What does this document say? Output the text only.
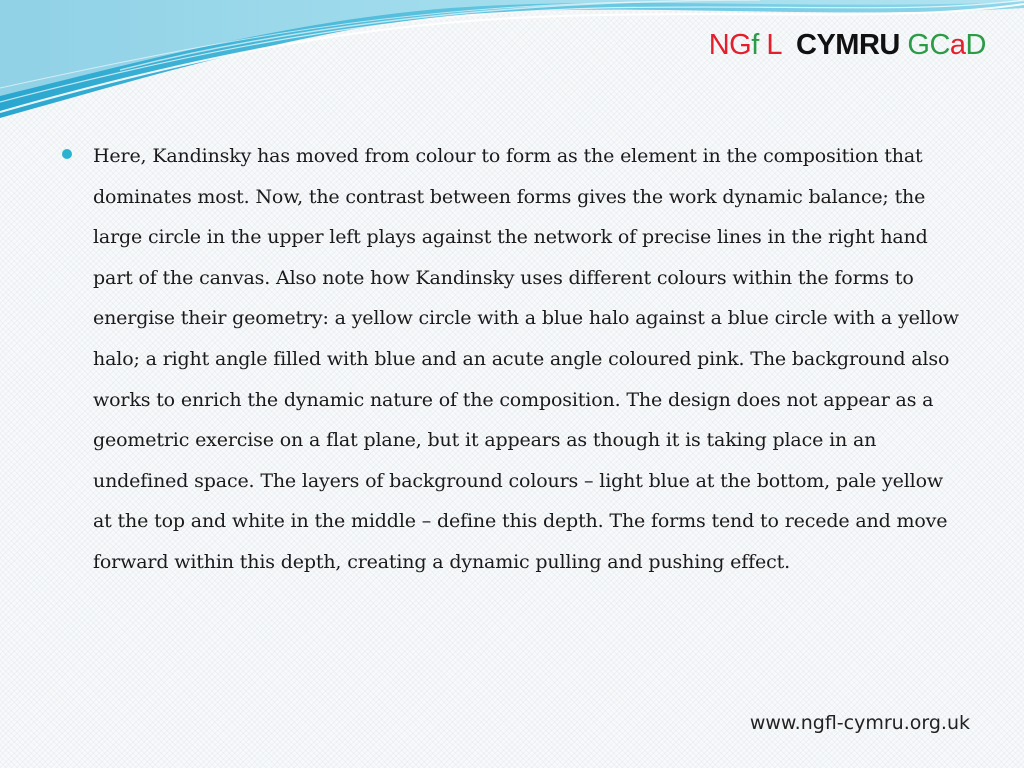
NGf L CYMRU GCaD

Here, Kandinsky has moved from colour to form as the element in the composition that dominates most. Now, the contrast between forms gives the work dynamic balance; the large circle in the upper left plays against the network of precise lines in the right hand part of the canvas. Also note how Kandinsky uses different colours within the forms to energise their geometry: a yellow circle with a blue halo against a blue circle with a yellow halo; a right angle filled with blue and an acute angle coloured pink. The background also works to enrich the dynamic nature of the composition. The design does not appear as a geometric exercise on a flat plane, but it appears as though it is taking place in an undefined space. The layers of background colours – light blue at the bottom, pale yellow at the top and white in the middle – define this depth. The forms tend to recede and move forward within this depth, creating a dynamic pulling and pushing effect.

www.ngfl-cymru.org.uk
